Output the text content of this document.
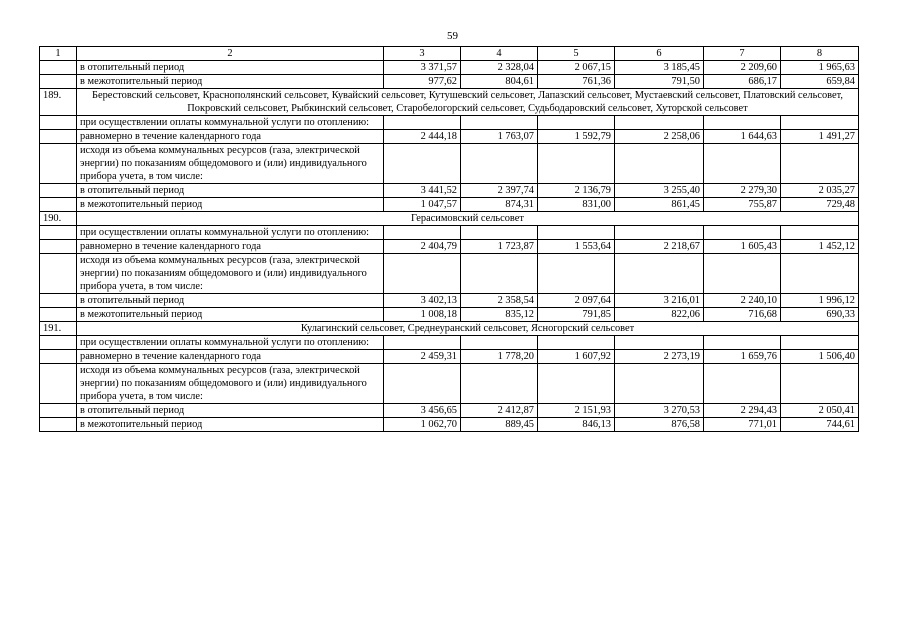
59
1	2	3	4	5	6	7	8
	в отопительный период	3 371,57	2 328,04	2 067,15	3 185,45	2 209,60	1 965,63
	в межотопительный период	977,62	804,61	761,36	791,50	686,17	659,84
189.	Берестовский сельсовет, Краснополянский сельсовет, Кувайский сельсовет, Кутушевский сельсовет, Лапазский сельсовет, Мустаевский сельсовет, Платовский сельсовет, Покровский сельсовет, Рыбкинский сельсовет, Старобелогорский сельсовет, Судьбодаровский сельсовет, Хуторской сельсовет						
	при осуществлении оплаты коммунальной услуги по отоплению:						
	равномерно в течение календарного года	2 444,18	1 763,07	1 592,79	2 258,06	1 644,63	1 491,27
	исходя из объема коммунальных ресурсов (газа, электрической энергии) по показаниям общедомового и (или) индивидуального прибора учета, в том числе:						
	в отопительный период	3 441,52	2 397,74	2 136,79	3 255,40	2 279,30	2 035,27
	в межотопительный период	1 047,57	874,31	831,00	861,45	755,87	729,48
190.	Герасимовский сельсовет						
	при осуществлении оплаты коммунальной услуги по отоплению:						
	равномерно в течение календарного года	2 404,79	1 723,87	1 553,64	2 218,67	1 605,43	1 452,12
	исходя из объема коммунальных ресурсов (газа, электрической энергии) по показаниям общедомового и (или) индивидуального прибора учета, в том числе:						
	в отопительный период	3 402,13	2 358,54	2 097,64	3 216,01	2 240,10	1 996,12
	в межотопительный период	1 008,18	835,12	791,85	822,06	716,68	690,33
191.	Кулагинский сельсовет, Среднеуранский сельсовет, Ясногорский сельсовет						
	при осуществлении оплаты коммунальной услуги по отоплению:						
	равномерно в течение календарного года	2 459,31	1 778,20	1 607,92	2 273,19	1 659,76	1 506,40
	исходя из объема коммунальных ресурсов (газа, электрической энергии) по показаниям общедомового и (или) индивидуального прибора учета, в том числе:						
	в отопительный период	3 456,65	2 412,87	2 151,93	3 270,53	2 294,43	2 050,41
	в межотопительный период	1 062,70	889,45	846,13	876,58	771,01	744,61
